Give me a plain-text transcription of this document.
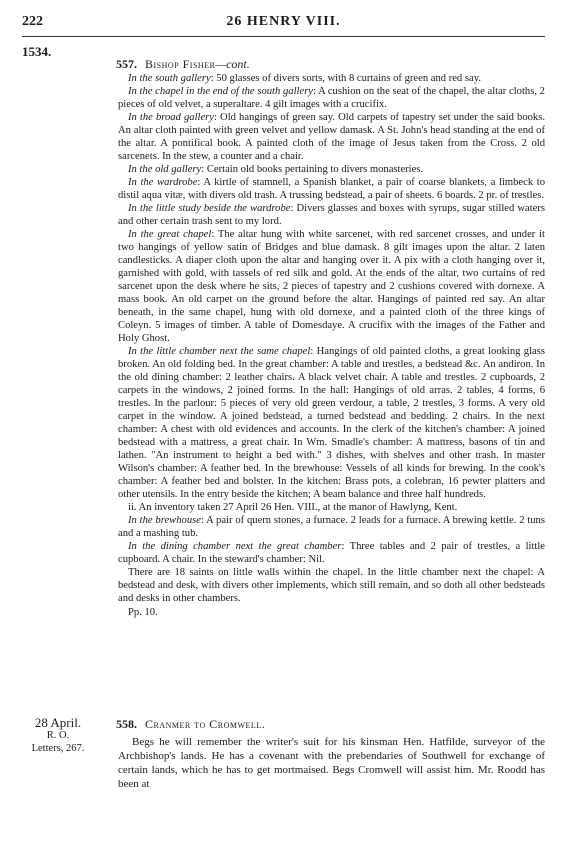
222	26 HENRY VIII.
1534.
557. Bishop Fisher—cont.

In the south gallery: 50 glasses of divers sorts, with 8 curtains of green and red say.

In the chapel in the end of the south gallery: A cushion on the seat of the chapel, the altar cloths, 2 pieces of old velvet, a superaltare. 4 gilt images with a crucifix.

In the broad gallery: Old hangings of green say. Old carpets of tapestry set under the said books. An altar cloth painted with green velvet and yellow damask. A St. John's head standing at the end of the altar. A pontifical book. A painted cloth of the image of Jesus taken from the Cross. 2 old sarcenets. In the stew, a counter and a chair.

In the old gallery: Certain old books pertaining to divers monasteries.

In the wardrobe: A kirtle of stamnell, a Spanish blanket, a pair of coarse blankets, a limbeck to distil aqua vitæ, with divers old trash. A trussing bedstead, a pair of sheets. 6 boards. 2 pr. of trestles.

In the little study beside the wardrobe: Divers glasses and boxes with syrups, sugar stilled waters and other certain trash sent to my lord.

In the great chapel: The altar hung with white sarcenet, with red sarcenet crosses, and under it two hangings of yellow satin of Bridges and blue damask. 8 gilt images upon the altar. 2 laten candlesticks. A diaper cloth upon the altar and hanging over it. A pix with a cloth hanging over it, garnished with gold, with tassels of red silk and gold. At the ends of the altar, two curtains of red sarcenet upon the desk where he sits, 2 pieces of tapestry and 2 cushions covered with dornexe. A mass book. An old carpet on the ground before the altar. Hangings of painted red say. An altar beneath, in the same chapel, hung with old dornexe, and a painted cloth of the three kings of Coleyn. 5 images of timber. A table of Domesdaye. A crucifix with the images of the Father and Holy Ghost.

In the little chamber next the same chapel: Hangings of old painted cloths, a great looking glass broken. An old folding bed. In the great chamber: A table and trestles, a bedstead &c. An andiron. In the old dining chamber: 2 leather chairs. A black velvet chair. A table and trestles. 2 cupboards, 2 carpets in the windows, 2 joined forms. In the hall: Hangings of old arras. 2 tables, 4 forms, 6 trestles. In the parlour: 5 pieces of very old green verdour, a table, 2 trestles, 3 forms. A very old carpet in the window. A joined bedstead, a turned bedstead and bedding. 2 chairs. In the next chamber: A chest with old evidences and accounts. In the clerk of the kitchen's chamber: A joined bedstead with a mattress, a great chair. In Wm. Smadle's chamber: A mattress, basons of tin and lathen. "An instrument to height a bed with." 3 dishes, with shelves and other trash. In master Wilson's chamber: A feather bed. In the brewhouse: Vessels of all kinds for brewing. In the cook's chamber: A feather bed and bolster. In the kitchen: Brass pots, a colebran, 16 pewter platters and other utensils. In the entry beside the kitchen; A beam balance and three half hundreds.

ii. An inventory taken 27 April 26 Hen. VIII., at the manor of Hawlyng, Kent.

In the brewhouse: A pair of quern stones, a furnace. 2 leads for a furnace. A brewing kettle. 2 tuns and a mashing tub.

In the dining chamber next the great chamber: Three tables and 2 pair of trestles, a little cupboard. A chair. In the steward's chamber: Nil.

There are 18 saints on little walls within the chapel. In the little chamber next the chapel: A bedstead and desk, with divers other implements, which still remain, and so doth all other bedsteads and desks in other chambers.

Pp. 10.
28 April.
R. O.
Letters, 267.
558. Cranmer to Cromwell.

Begs he will remember the writer's suit for his kinsman Hen. Hatfilde, surveyor of the Archbishop's lands. He has a covenant with the prebendaries of Southwell for exchange of certain lands, which he has to get mortmaised. Begs Cromwell will assist him. Mr. Roodd has been at
